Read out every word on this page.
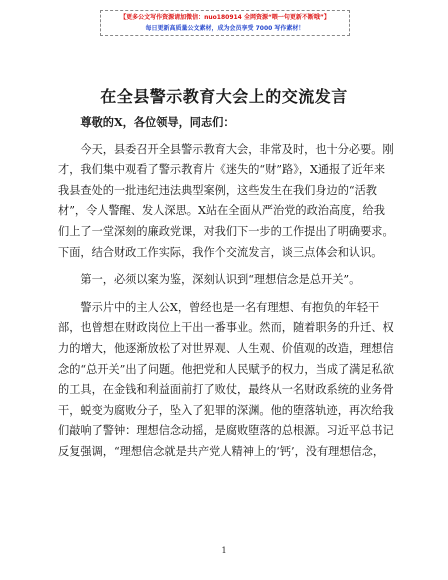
【更多公文写作资源请加微信：nuo180914 全网资源“喂一句更新不断哦”】
每日更新高质量公文素材，成为会员享受 7000 写作素材！
在全县警示教育大会上的交流发言

尊敬的X，各位领导，同志们：

今天，县委召开全县警示教育大会，非常及时，也十分必要。刚才，我们集中观看了警示教育片《迷失的“财”路》，X通报了近年来我县查处的一批违纪违法典型案例，这些发生在我们身边的“活教材”，令人警醒、发人深思。X站在全面从严治党的政治高度，给我们上了一堂深刻的廉政党课，对我们下一步的工作提出了明确要求。下面，结合财政工作实际，我作个交流发言，谈三点体会和认识。

第一，必须以案为鉴，深刻认识到“理想信念是总开关”。

警示片中的主人公X，曾经也是一名有理想、有抱负的年轻干部，也曾想在财政岗位上干出一番事业。然而，随着职务的升迁、权力的增大，他逐渐放松了对世界观、人生观、价值观的改造，理想信念的“总开关”出了问题。他把党和人民赋予的权力，当成了满足私欲的工具，在金钱和利益面前打了败仗，最终从一名财政系统的业务骨干，蜕变为腐败分子，坠入了犯罪的深渊。他的堕落轨迹，再次给我们敲响了警钟：理想信念动摇，是腐败堕落的总根源。习近平总书记反复强调，“理想信念就是共产党人精神上的‘钙’，没有理想信念，

1
